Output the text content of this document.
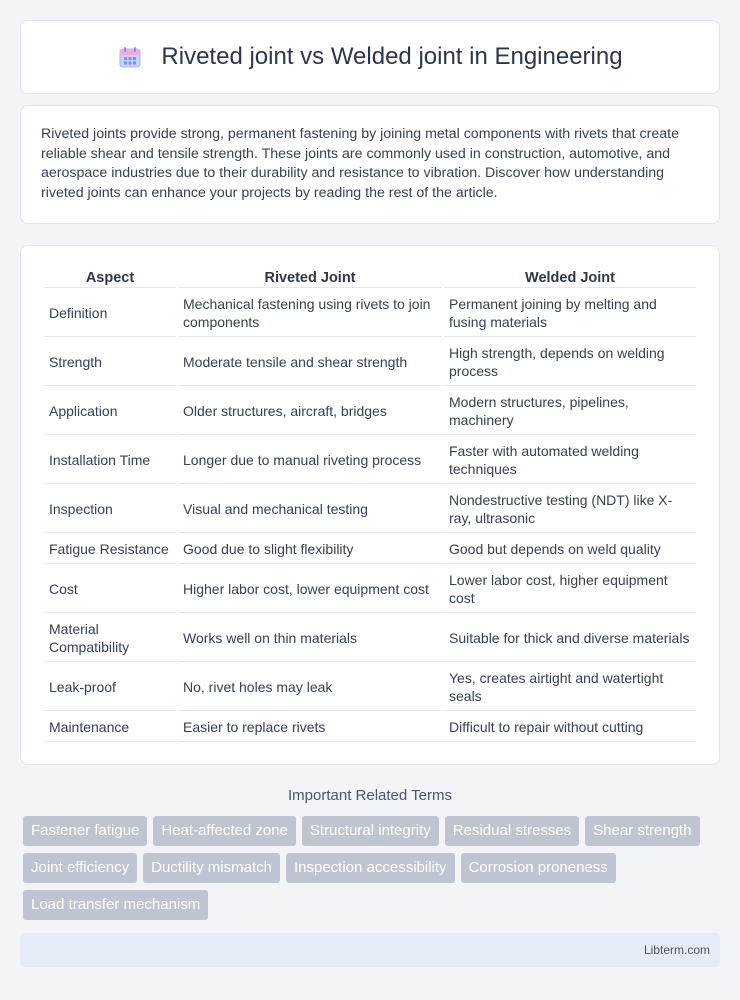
Riveted joint vs Welded joint in Engineering

Riveted joints provide strong, permanent fastening by joining metal components with rivets that create reliable shear and tensile strength. These joints are commonly used in construction, automotive, and aerospace industries due to their durability and resistance to vibration. Discover how understanding riveted joints can enhance your projects by reading the rest of the article.

Aspect	Riveted Joint	Welded Joint
Definition	Mechanical fastening using rivets to join components	Permanent joining by melting and fusing materials
Strength	Moderate tensile and shear strength	High strength, depends on welding process
Application	Older structures, aircraft, bridges	Modern structures, pipelines, machinery
Installation Time	Longer due to manual riveting process	Faster with automated welding techniques
Inspection	Visual and mechanical testing	Nondestructive testing (NDT) like X-ray, ultrasonic
Fatigue Resistance	Good due to slight flexibility	Good but depends on weld quality
Cost	Higher labor cost, lower equipment cost	Lower labor cost, higher equipment cost
Material Compatibility	Works well on thin materials	Suitable for thick and diverse materials
Leak-proof	No, rivet holes may leak	Yes, creates airtight and watertight seals
Maintenance	Easier to replace rivets	Difficult to repair without cutting
Important Related Terms
Fastener fatigue	Heat-affected zone	Structural integrity	Residual stresses	Shear strength
Joint efficiency	Ductility mismatch	Inspection accessibility	Corrosion proneness
Load transfer mechanism
Libterm.com
